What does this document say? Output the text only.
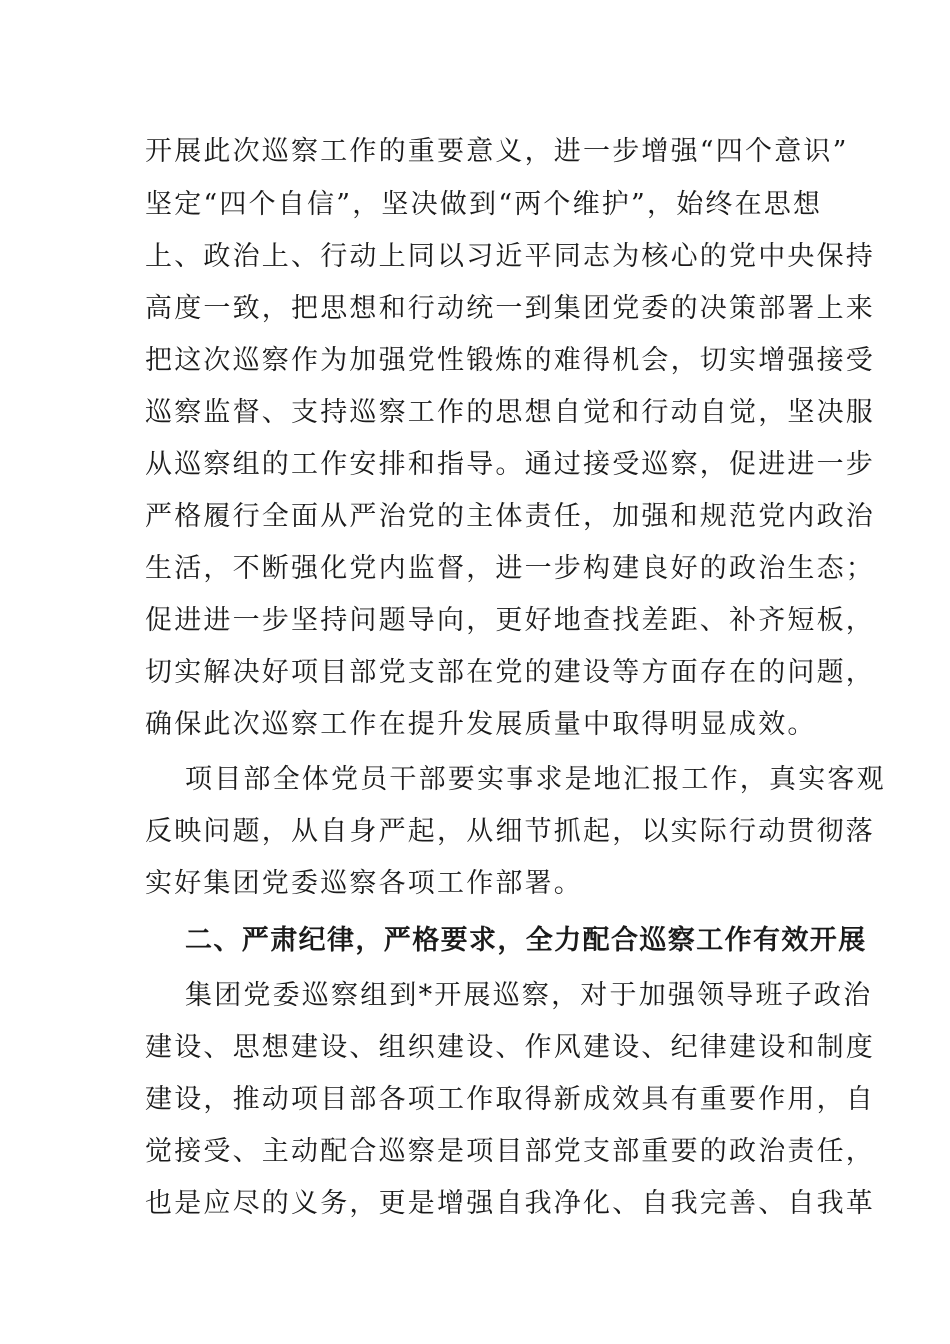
开展此次巡察工作的重要意义，进一步增强“四个意识”
坚定“四个自信”，坚决做到“两个维护”，始终在思想
上、政治上、行动上同以习近平同志为核心的党中央保持
高度一致，把思想和行动统一到集团党委的决策部署上来
把这次巡察作为加强党性锻炼的难得机会，切实增强接受
巡察监督、支持巡察工作的思想自觉和行动自觉，坚决服
从巡察组的工作安排和指导。通过接受巡察，促进进一步
严格履行全面从严治党的主体责任，加强和规范党内政治
生活，不断强化党内监督，进一步构建良好的政治生态；
促进进一步坚持问题导向，更好地查找差距、补齐短板，
切实解决好项目部党支部在党的建设等方面存在的问题，
确保此次巡察工作在提升发展质量中取得明显成效。
项目部全体党员干部要实事求是地汇报工作，真实客观
反映问题，从自身严起，从细节抓起，以实际行动贯彻落
实好集团党委巡察各项工作部署。
二、严肃纪律，严格要求，全力配合巡察工作有效开展
集团党委巡察组到*开展巡察，对于加强领导班子政治
建设、思想建设、组织建设、作风建设、纪律建设和制度
建设，推动项目部各项工作取得新成效具有重要作用，自
觉接受、主动配合巡察是项目部党支部重要的政治责任，
也是应尽的义务，更是增强自我净化、自我完善、自我革
